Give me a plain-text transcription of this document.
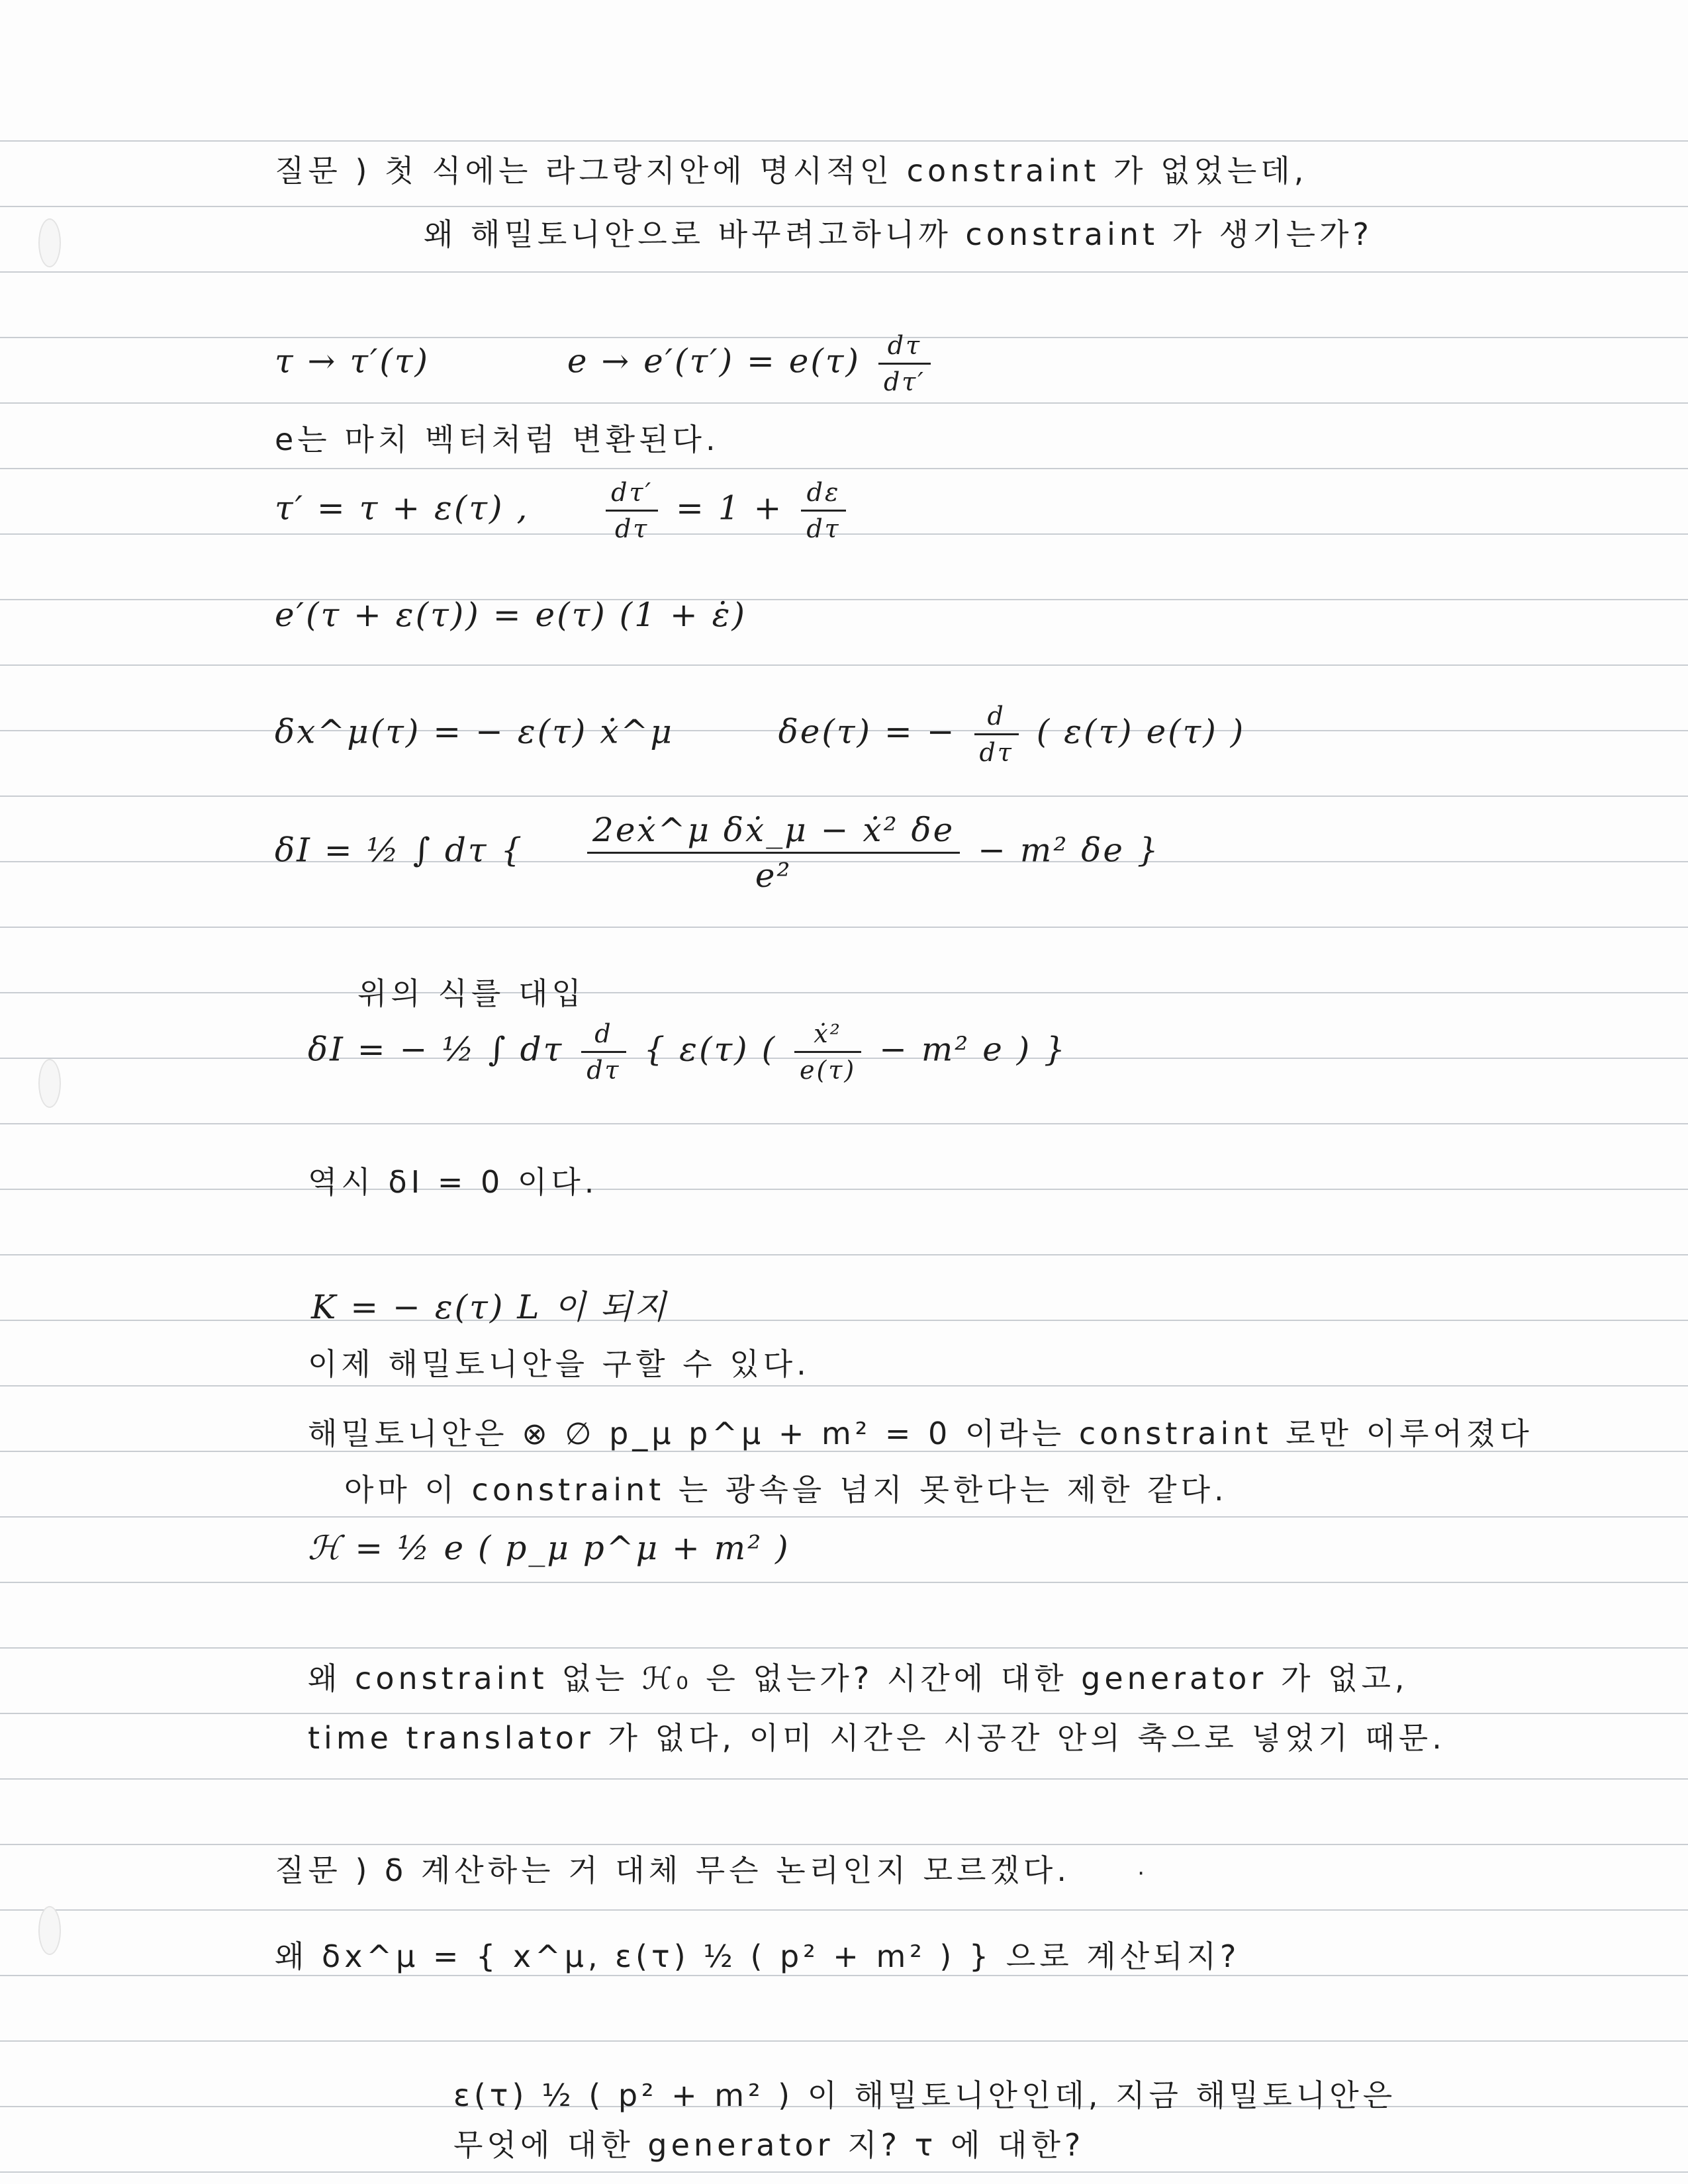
질문 ) 첫 식에는 라그랑지안에 명시적인 constraint 가 없었는데,
왜 해밀토니안으로 바꾸려고하니까 constraint 가 생기는가?
τ → τ′(τ)	$e \to e'(\tau') = e(\tau) \frac{d\tau}{d\tau'}$
e는 마치 벡터처럼 변환된다.
τ′ = τ + ε(τ) ,	$\frac{d\tau'}{d\tau} = 1 + \frac{d\varepsilon}{d\tau}$
e′(τ + ε(τ)) = e(τ) (1 + ε̇)
δx^μ(τ) = − ε(τ) ẋ^μ	δe(τ) = − $\frac{d}{d\tau}$ ( ε(τ) e(τ) )
δI = ½ ∫ dτ { $\frac{\text{2eẋ\textasciicircum{}μ δẋ\_μ − ẋ² δe}}{\text{e²}} - m^2$ δe }
위의 식를 대입
δI = − ½ ∫ dτ $\frac{d}{d\tau}$ { ε(τ) ( $\frac{\text{ẋ²}}{e(\tau)} - m^2$ e ) }
역시 δI = 0 이다.
K = − ε(τ) L 이 되지
이제 해밀토니안을 구할 수 있다.
해밀토니안은 ⊗ ∅ p_μ p^μ + m² = 0 이라는 constraint 로만 이루어졌다
아마 이 constraint 는 광속을 넘지 못한다는 제한 같다.
ℋ = ½ e ( p_μ p^μ + m² )
왜 constraint 없는 ℋ₀ 은 없는가? 시간에 대한 generator 가 없고,
time translator 가 없다, 이미 시간은 시공간 안의 축으로 넣었기 때문.
질문 ) δ 계산하는 거 대체 무슨 논리인지 모르겠다.	·
왜 δx^μ = { x^μ, ε(τ) ½ ( p² + m² ) } 으로 계산되지?
ε(τ) ½ ( p² + m² ) 이 해밀토니안인데, 지금 해밀토니안은
무엇에 대한 generator 지? τ 에 대한?
